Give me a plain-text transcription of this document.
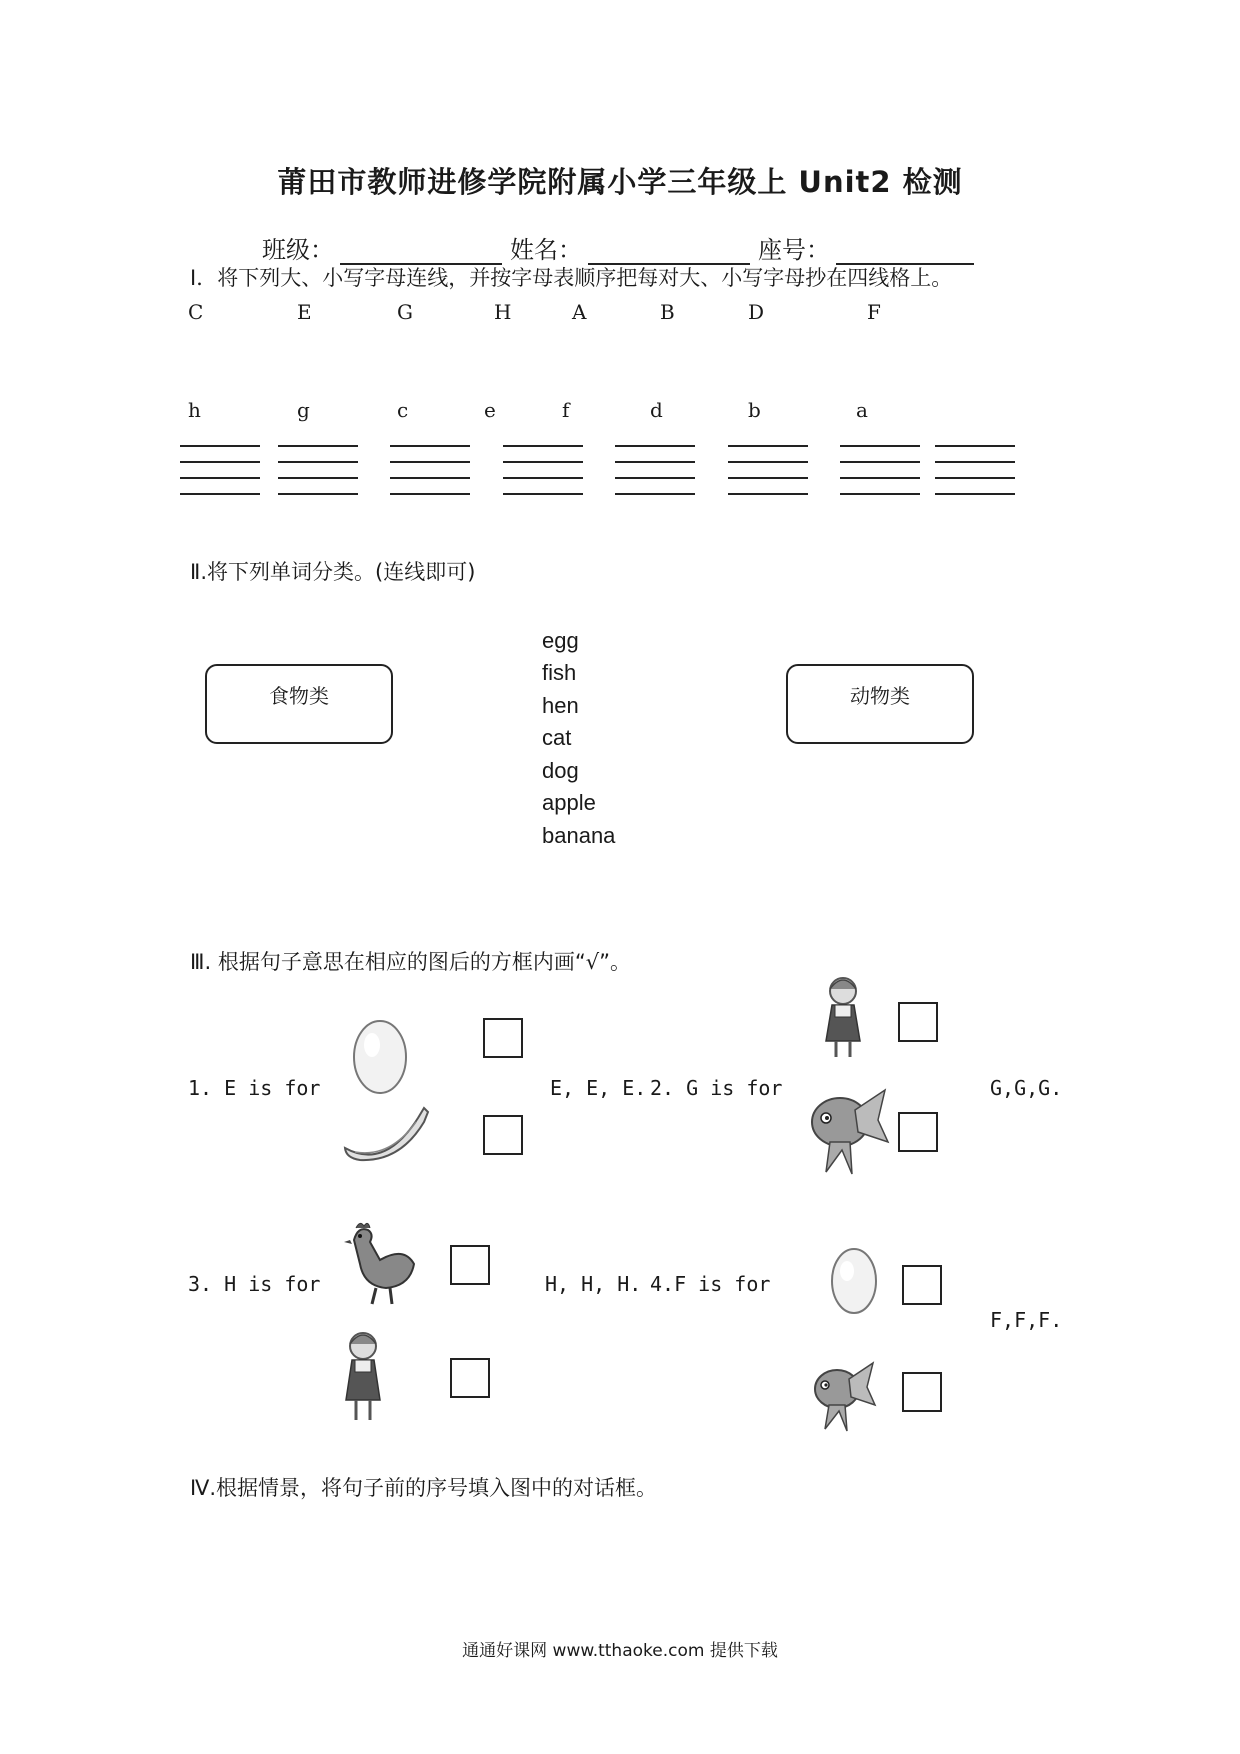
莆田市教师进修学院附属小学三年级上 Unit2 检测
班级：	姓名：	座号：
Ⅰ．将下列大、小写字母连线，并按字母表顺序把每对大、小写字母抄在四线格上。
C	E	G	H	A	B	D	F
h	g	c	e	f	d	b	a
Ⅱ.将下列单词分类。(连线即可)
食物类	动物类
egg
fish
hen
cat
dog
apple
banana
Ⅲ. 根据句子意思在相应的图后的方框内画“√”。
1. E is for	E, E, E. 2. G is for	G,G,G.
3. H is for	H, H, H. 4.F is for
F,F,F.
Ⅳ.根据情景，将句子前的序号填入图中的对话框。
通通好课网 www.tthaoke.com 提供下载
